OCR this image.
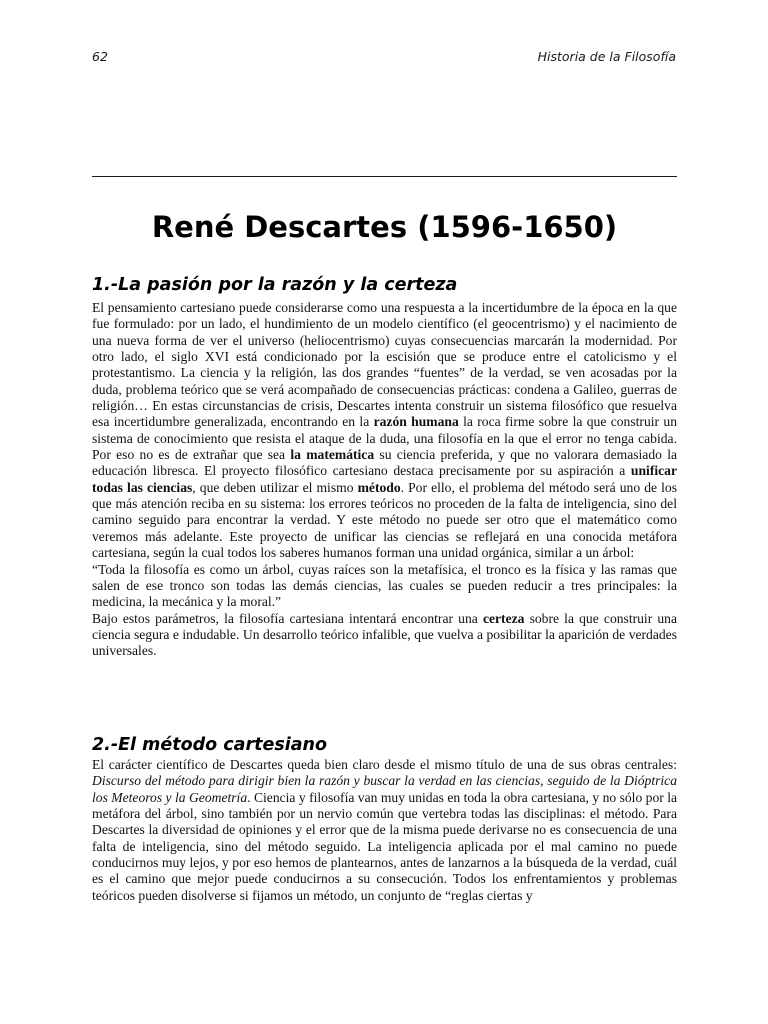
62	Historia de la Filosofía
René Descartes (1596-1650)
1.-La pasión por la razón y la certeza

El pensamiento cartesiano puede considerarse como una respuesta a la incertidumbre de la época en la que fue formulado: por un lado, el hundimiento de un modelo científico (el geocentrismo) y el nacimiento de una nueva forma de ver el universo (heliocentrismo) cuyas consecuencias marcarán la modernidad. Por otro lado, el siglo XVI está condicionado por la escisión que se produce entre el catolicismo y el protestantismo. La ciencia y la religión, las dos grandes “fuentes” de la verdad, se ven acosadas por la duda, problema teórico que se verá acompañado de consecuencias prácticas: condena a Galileo, guerras de religión… En estas circunstancias de crisis, Descartes intenta construir un sistema filosófico que resuelva esa incertidumbre generalizada, encontrando en la razón humana la roca firme sobre la que construir un sistema de conocimiento que resista el ataque de la duda, una filosofía en la que el error no tenga cabida. Por eso no es de extrañar que sea la matemática su ciencia preferida, y que no valorara demasiado la educación libresca. El proyecto filosófico cartesiano destaca precisamente por su aspiración a unificar todas las ciencias, que deben utilizar el mismo método. Por ello, el problema del método será uno de los que más atención reciba en su sistema: los errores teóricos no proceden de la falta de inteligencia, sino del camino seguido para encontrar la verdad. Y este método no puede ser otro que el matemático como veremos más adelante. Este proyecto de unificar las ciencias se reflejará en una conocida metáfora cartesiana, según la cual todos los saberes humanos forman una unidad orgánica, similar a un árbol:

“Toda la filosofía es como un árbol, cuyas raíces son la metafísica, el tronco es la física y las ramas que salen de ese tronco son todas las demás ciencias, las cuales se pueden reducir a tres principales: la medicina, la mecánica y la moral.”

Bajo estos parámetros, la filosofía cartesiana intentará encontrar una certeza sobre la que construir una ciencia segura e indudable. Un desarrollo teórico infalible, que vuelva a posibilitar la aparición de verdades universales.

2.-El método cartesiano

El carácter científico de Descartes queda bien claro desde el mismo título de una de sus obras centrales: Discurso del método para dirigir bien la razón y buscar la verdad en las ciencias, seguido de la Dióptrica los Meteoros y la Geometría. Ciencia y filosofía van muy unidas en toda la obra cartesiana, y no sólo por la metáfora del árbol, sino también por un nervio común que vertebra todas las disciplinas: el método. Para Descartes la diversidad de opiniones y el error que de la misma puede derivarse no es consecuencia de una falta de inteligencia, sino del método seguido. La inteligencia aplicada por el mal camino no puede conducirnos muy lejos, y por eso hemos de plantearnos, antes de lanzarnos a la búsqueda de la verdad, cuál es el camino que mejor puede conducirnos a su consecución. Todos los enfrentamientos y problemas teóricos pueden disolverse si fijamos un método, un conjunto de “reglas ciertas y
